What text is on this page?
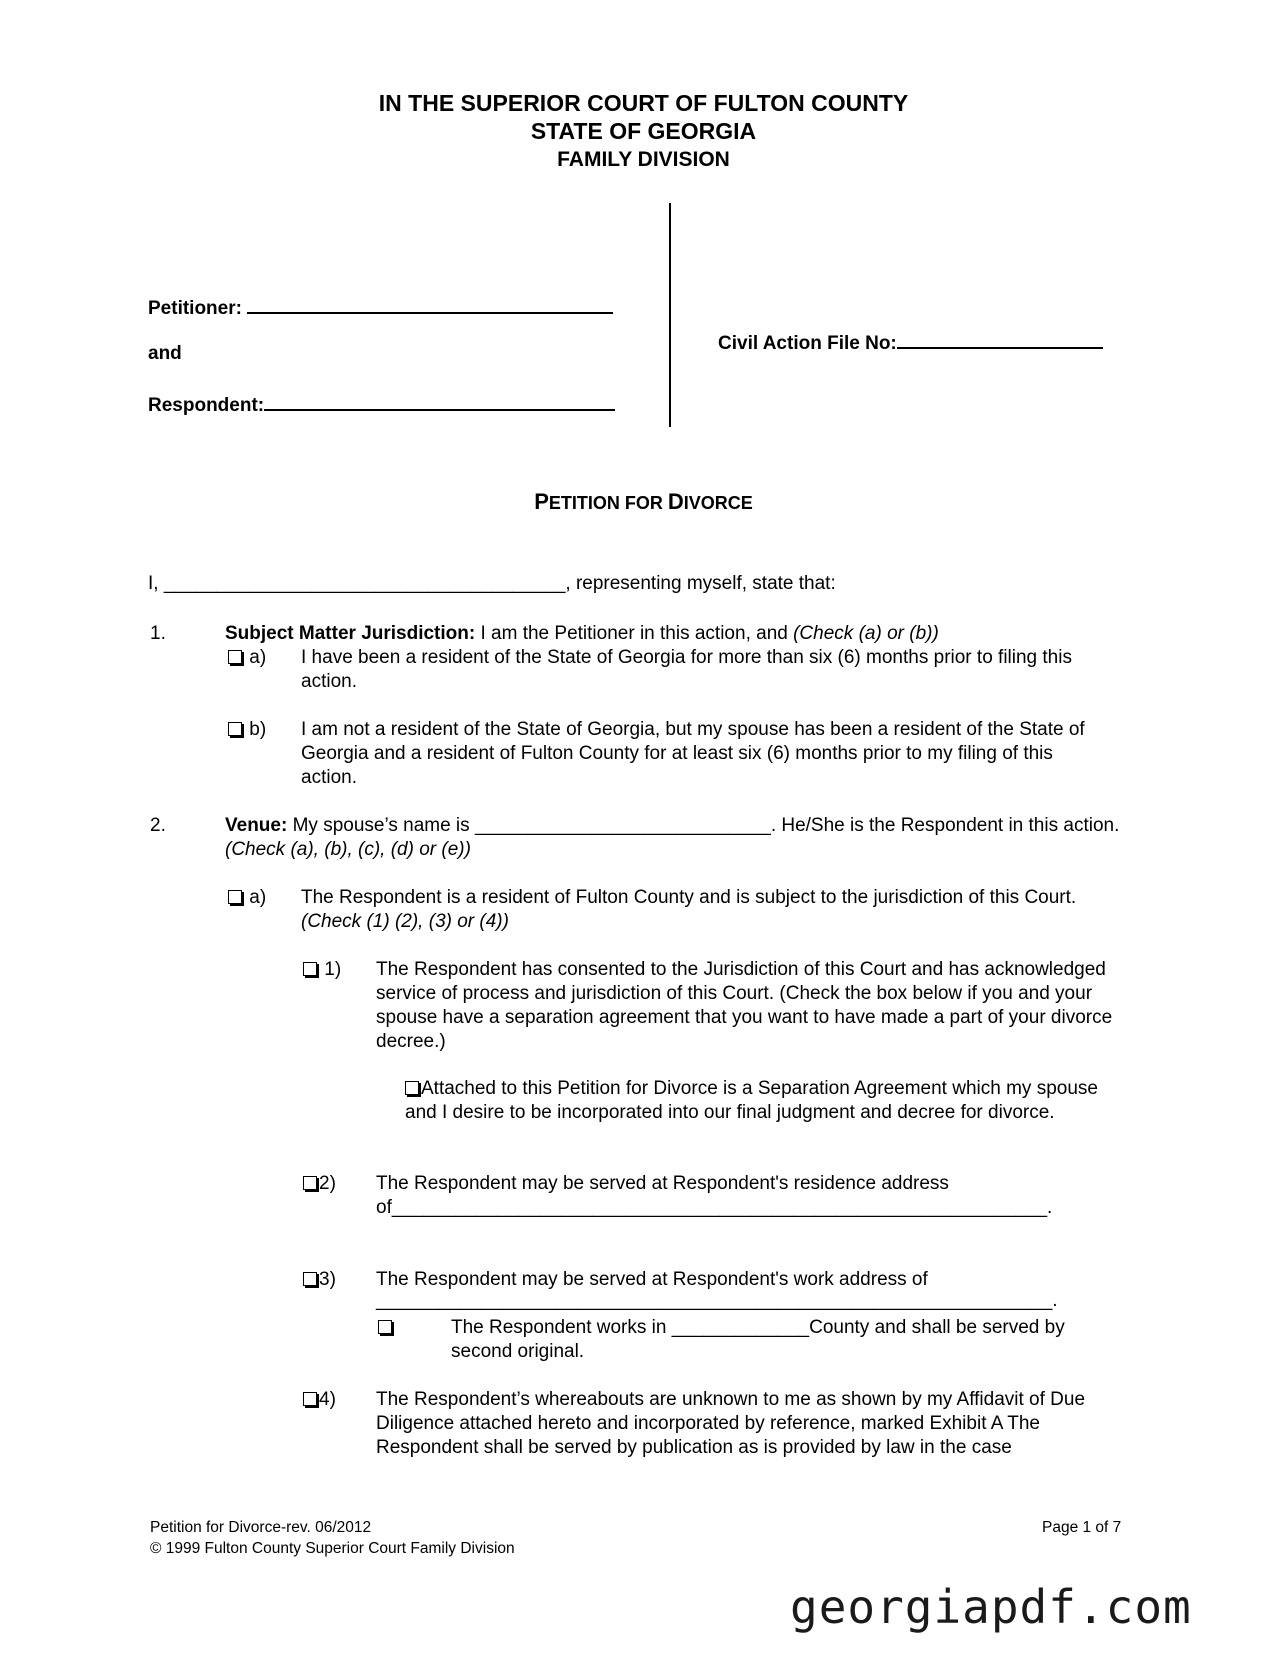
IN THE SUPERIOR COURT OF FULTON COUNTY
STATE OF GEORGIA
FAMILY DIVISION
Petitioner:
and
Respondent:
Civil Action File No:
PETITION FOR DIVORCE
I, ______________________________________, representing myself, state that:
1.	Subject Matter Jurisdiction: I am the Petitioner in this action, and (Check (a) or (b))
a) I have been a resident of the State of Georgia for more than six (6) months prior to filing this action.
b) I am not a resident of the State of Georgia, but my spouse has been a resident of the State of Georgia and a resident of Fulton County for at least six (6) months prior to my filing of this action.
2.	Venue: My spouse’s name is ____________________________. He/She is the Respondent in this action. (Check (a), (b), (c), (d) or (e))
a) The Respondent is a resident of Fulton County and is subject to the jurisdiction of this Court. (Check (1) (2), (3) or (4))
1) The Respondent has consented to the Jurisdiction of this Court and has acknowledged service of process and jurisdiction of this Court. (Check the box below if you and your spouse have a separation agreement that you want to have made a part of your divorce decree.)
Attached to this Petition for Divorce is a Separation Agreement which my spouse and I desire to be incorporated into our final judgment and decree for divorce.
2) The Respondent may be served at Respondent's residence address
of______________________________________________________________.
3) The Respondent may be served at Respondent's work address of
________________________________________________________________.
The Respondent works in _____________County and shall be served by second original.
4) The Respondent’s whereabouts are unknown to me as shown by my Affidavit of Due Diligence attached hereto and incorporated by reference, marked Exhibit A The Respondent shall be served by publication as is provided by law in the case
Petition for Divorce-rev. 06/2012
© 1999 Fulton County Superior Court Family Division
Page 1 of 7
georgiapdf.com
